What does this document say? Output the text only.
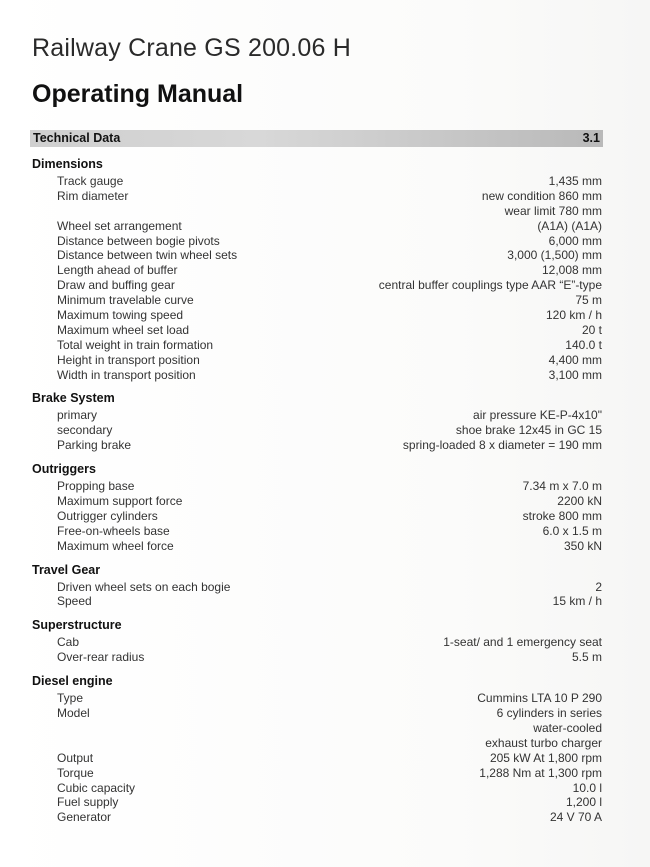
Railway Crane GS 200.06 H
Operating Manual
Technical Data	3.1
Dimensions
Track gauge	1,435 mm
Rim diameter	new condition 860 mm
wear limit 780 mm
Wheel set arrangement	(A1A) (A1A)
Distance between bogie pivots	6,000 mm
Distance between twin wheel sets	3,000 (1,500) mm
Length ahead of buffer	12,008 mm
Draw and buffing gear	central buffer couplings type AAR “E”-type
Minimum travelable curve	75 m
Maximum towing speed	120 km / h
Maximum wheel set load	20 t
Total weight in train formation	140.0 t
Height in transport position	4,400 mm
Width in transport position	3,100 mm
Brake System
primary	air pressure KE-P-4x10"
secondary	shoe brake 12x45 in GC 15
Parking brake	spring-loaded 8 x diameter = 190 mm
Outriggers
Propping base	7.34 m x 7.0 m
Maximum support force	2200 kN
Outrigger cylinders	stroke 800 mm
Free-on-wheels base	6.0 x 1.5 m
Maximum wheel force	350 kN
Travel Gear
Driven wheel sets on each bogie	2
Speed	15 km / h
Superstructure
Cab	1-seat/ and 1 emergency seat
Over-rear radius	5.5 m
Diesel engine
Type	Cummins LTA 10 P 290
Model	6 cylinders in series
water-cooled
exhaust turbo charger
Output	205 kW At 1,800 rpm
Torque	1,288 Nm at 1,300 rpm
Cubic capacity	10.0 l
Fuel supply	1,200 l
Generator	24 V 70 A
